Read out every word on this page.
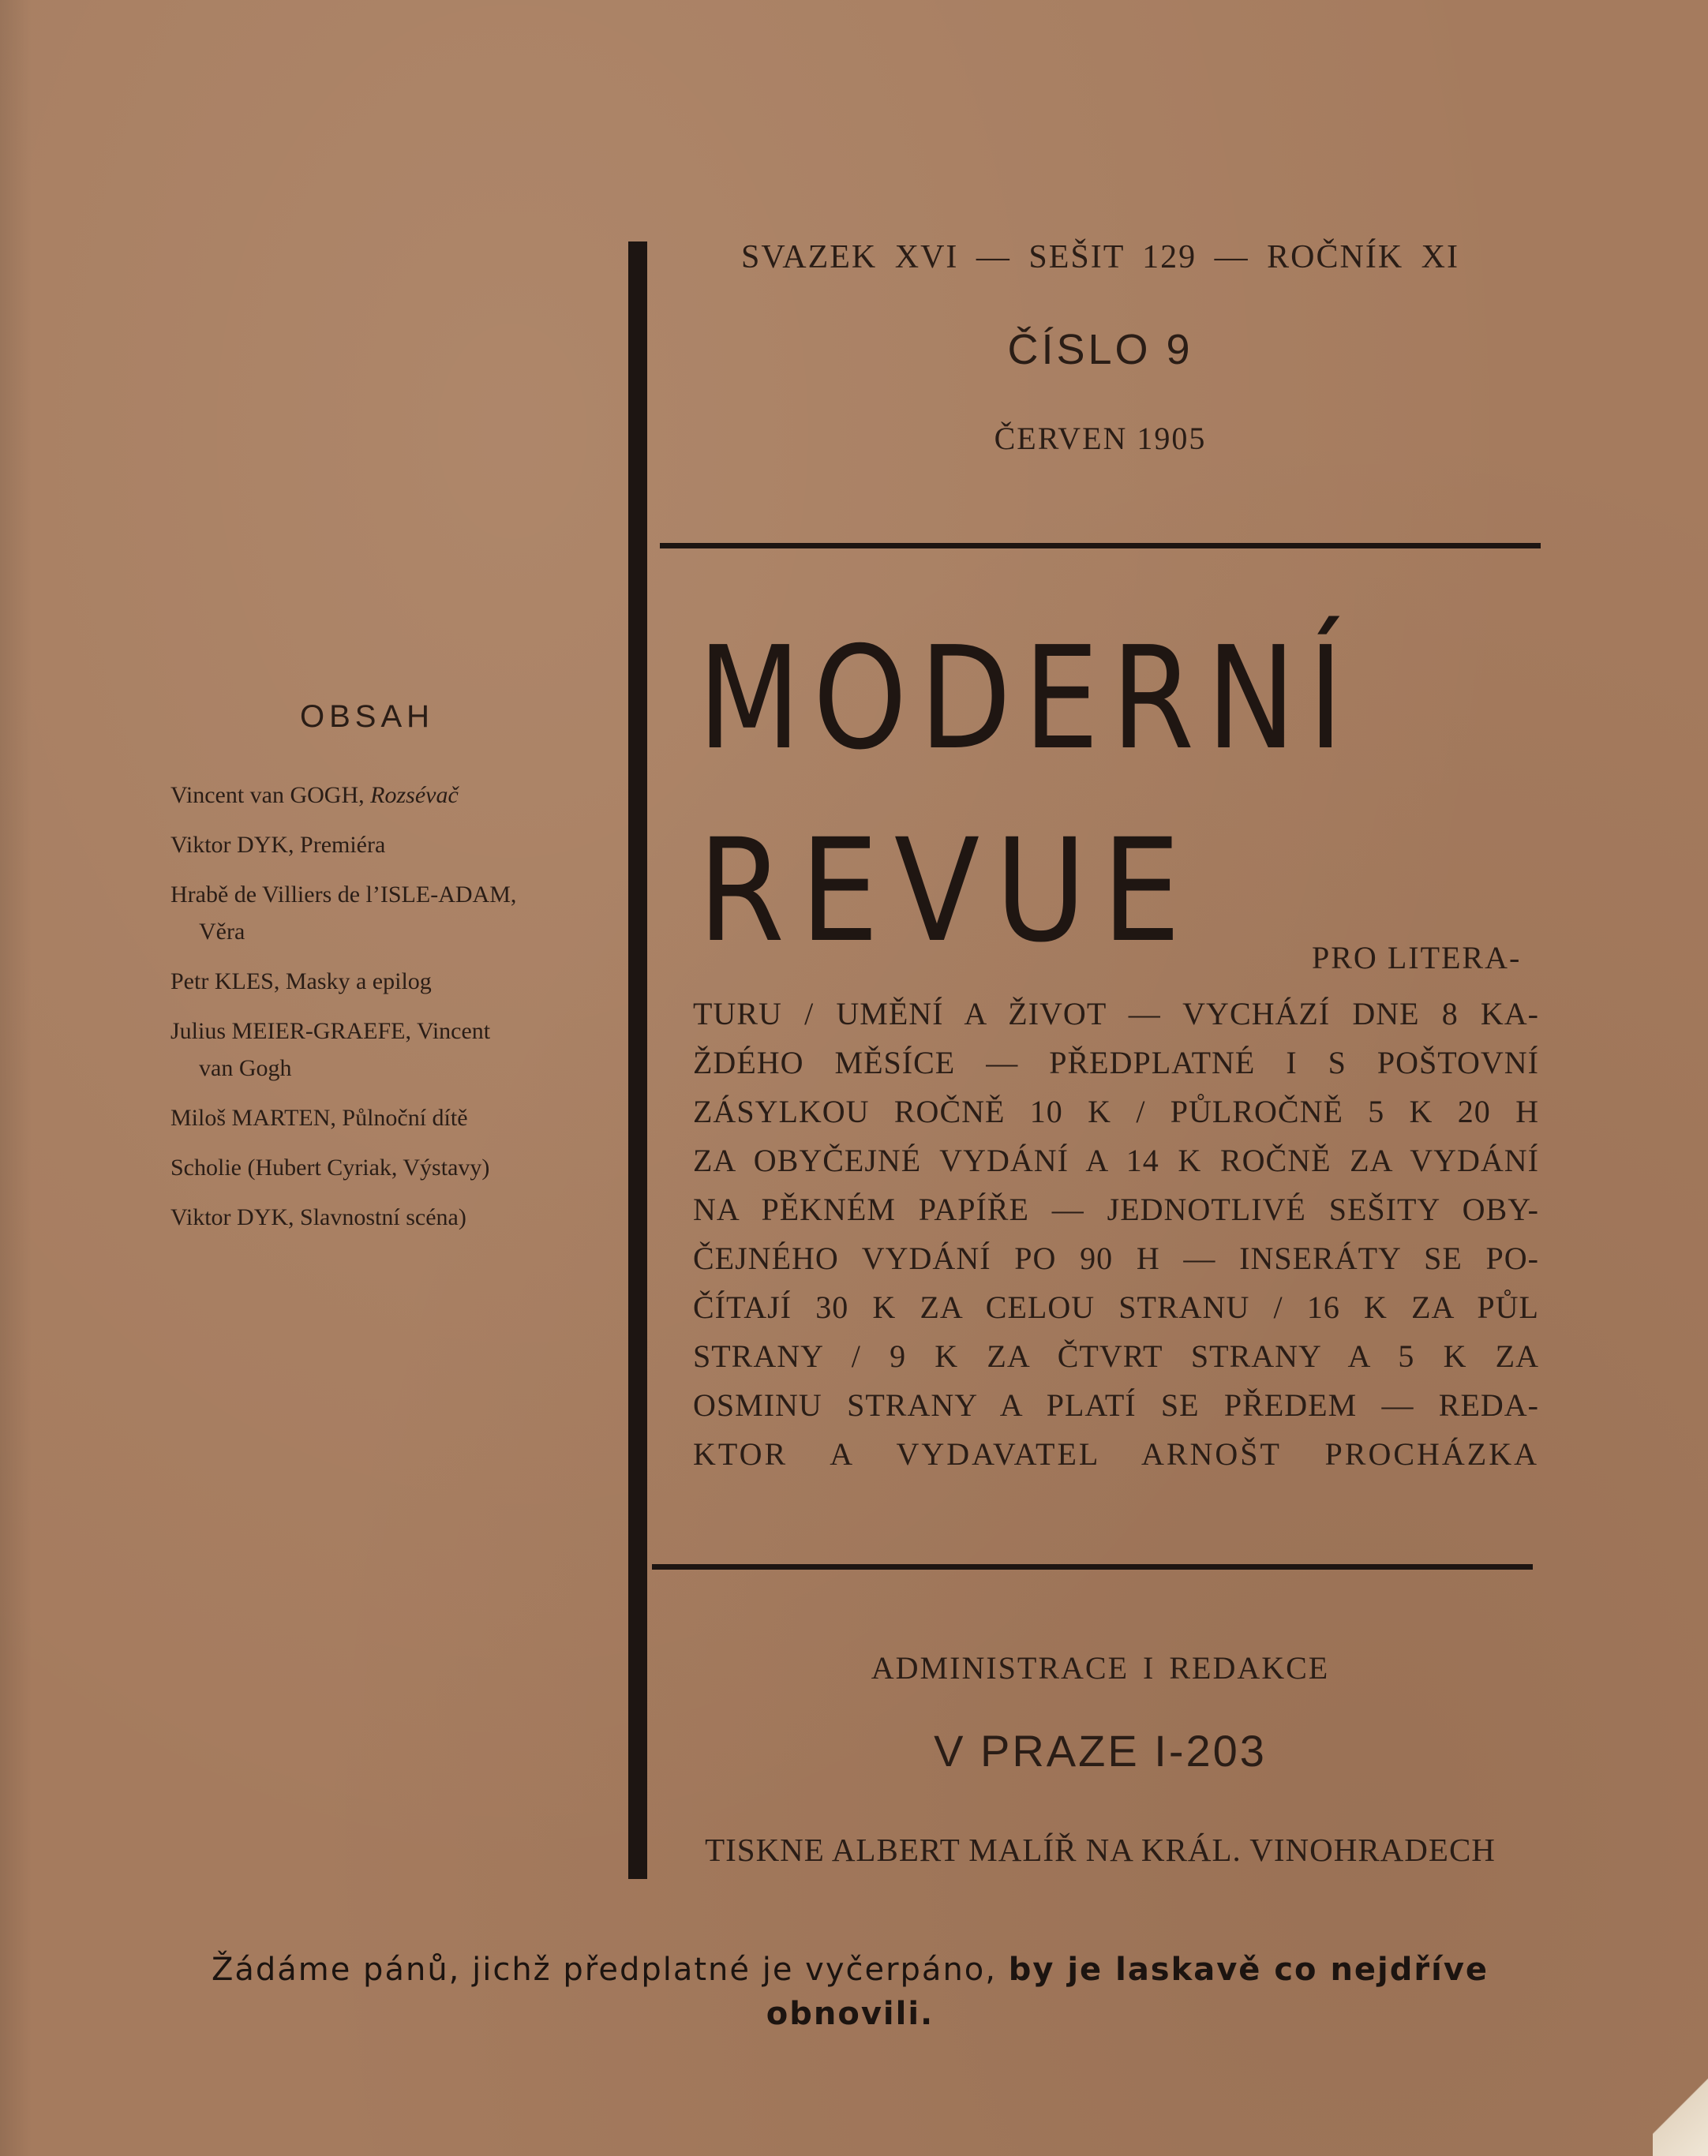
SVAZEK XVI — SEŠIT 129 — ROČNÍK XI
ČÍSLO 9
ČERVEN 1905
MODERNÍ
REVUE	PRO LITERA-
TURU / UMĚNÍ A ŽIVOT — VYCHÁZÍ DNE 8 KA-
ŽDÉHO MĚSÍCE — PŘEDPLATNÉ I S POŠTOVNÍ
ZÁSYLKOU ROČNĚ 10 K / PŮLROČNĚ 5 K 20 H
ZA OBYČEJNÉ VYDÁNÍ A 14 K ROČNĚ ZA VYDÁNÍ
NA PĚKNÉM PAPÍŘE — JEDNOTLIVÉ SEŠITY OBY-
ČEJNÉHO VYDÁNÍ PO 90 H — INSERÁTY SE PO-
ČÍTAJÍ 30 K ZA CELOU STRANU / 16 K ZA PŮL
STRANY / 9 K ZA ČTVRT STRANY A 5 K ZA
OSMINU STRANY A PLATÍ SE PŘEDEM — REDA-
KTOR A VYDAVATEL ARNOŠT PROCHÁZKA
ADMINISTRACE I REDAKCE
V PRAZE I-203
TISKNE ALBERT MALÍŘ NA KRÁL. VINOHRADECH
OBSAH
Vincent van GOGH, Rozsévač
Viktor DYK, Premiéra
Hrabě de Villiers de l’ISLE-ADAM,
Věra
Petr KLES, Masky a epilog
Julius MEIER-GRAEFE, Vincent
van Gogh
Miloš MARTEN, Půlnoční dítě
Scholie (Hubert Cyriak, Výstavy)
Viktor DYK, Slavnostní scéna)
Žádáme pánů, jichž předplatné je vyčerpáno, by je laskavě co nejdříve obnovili.
